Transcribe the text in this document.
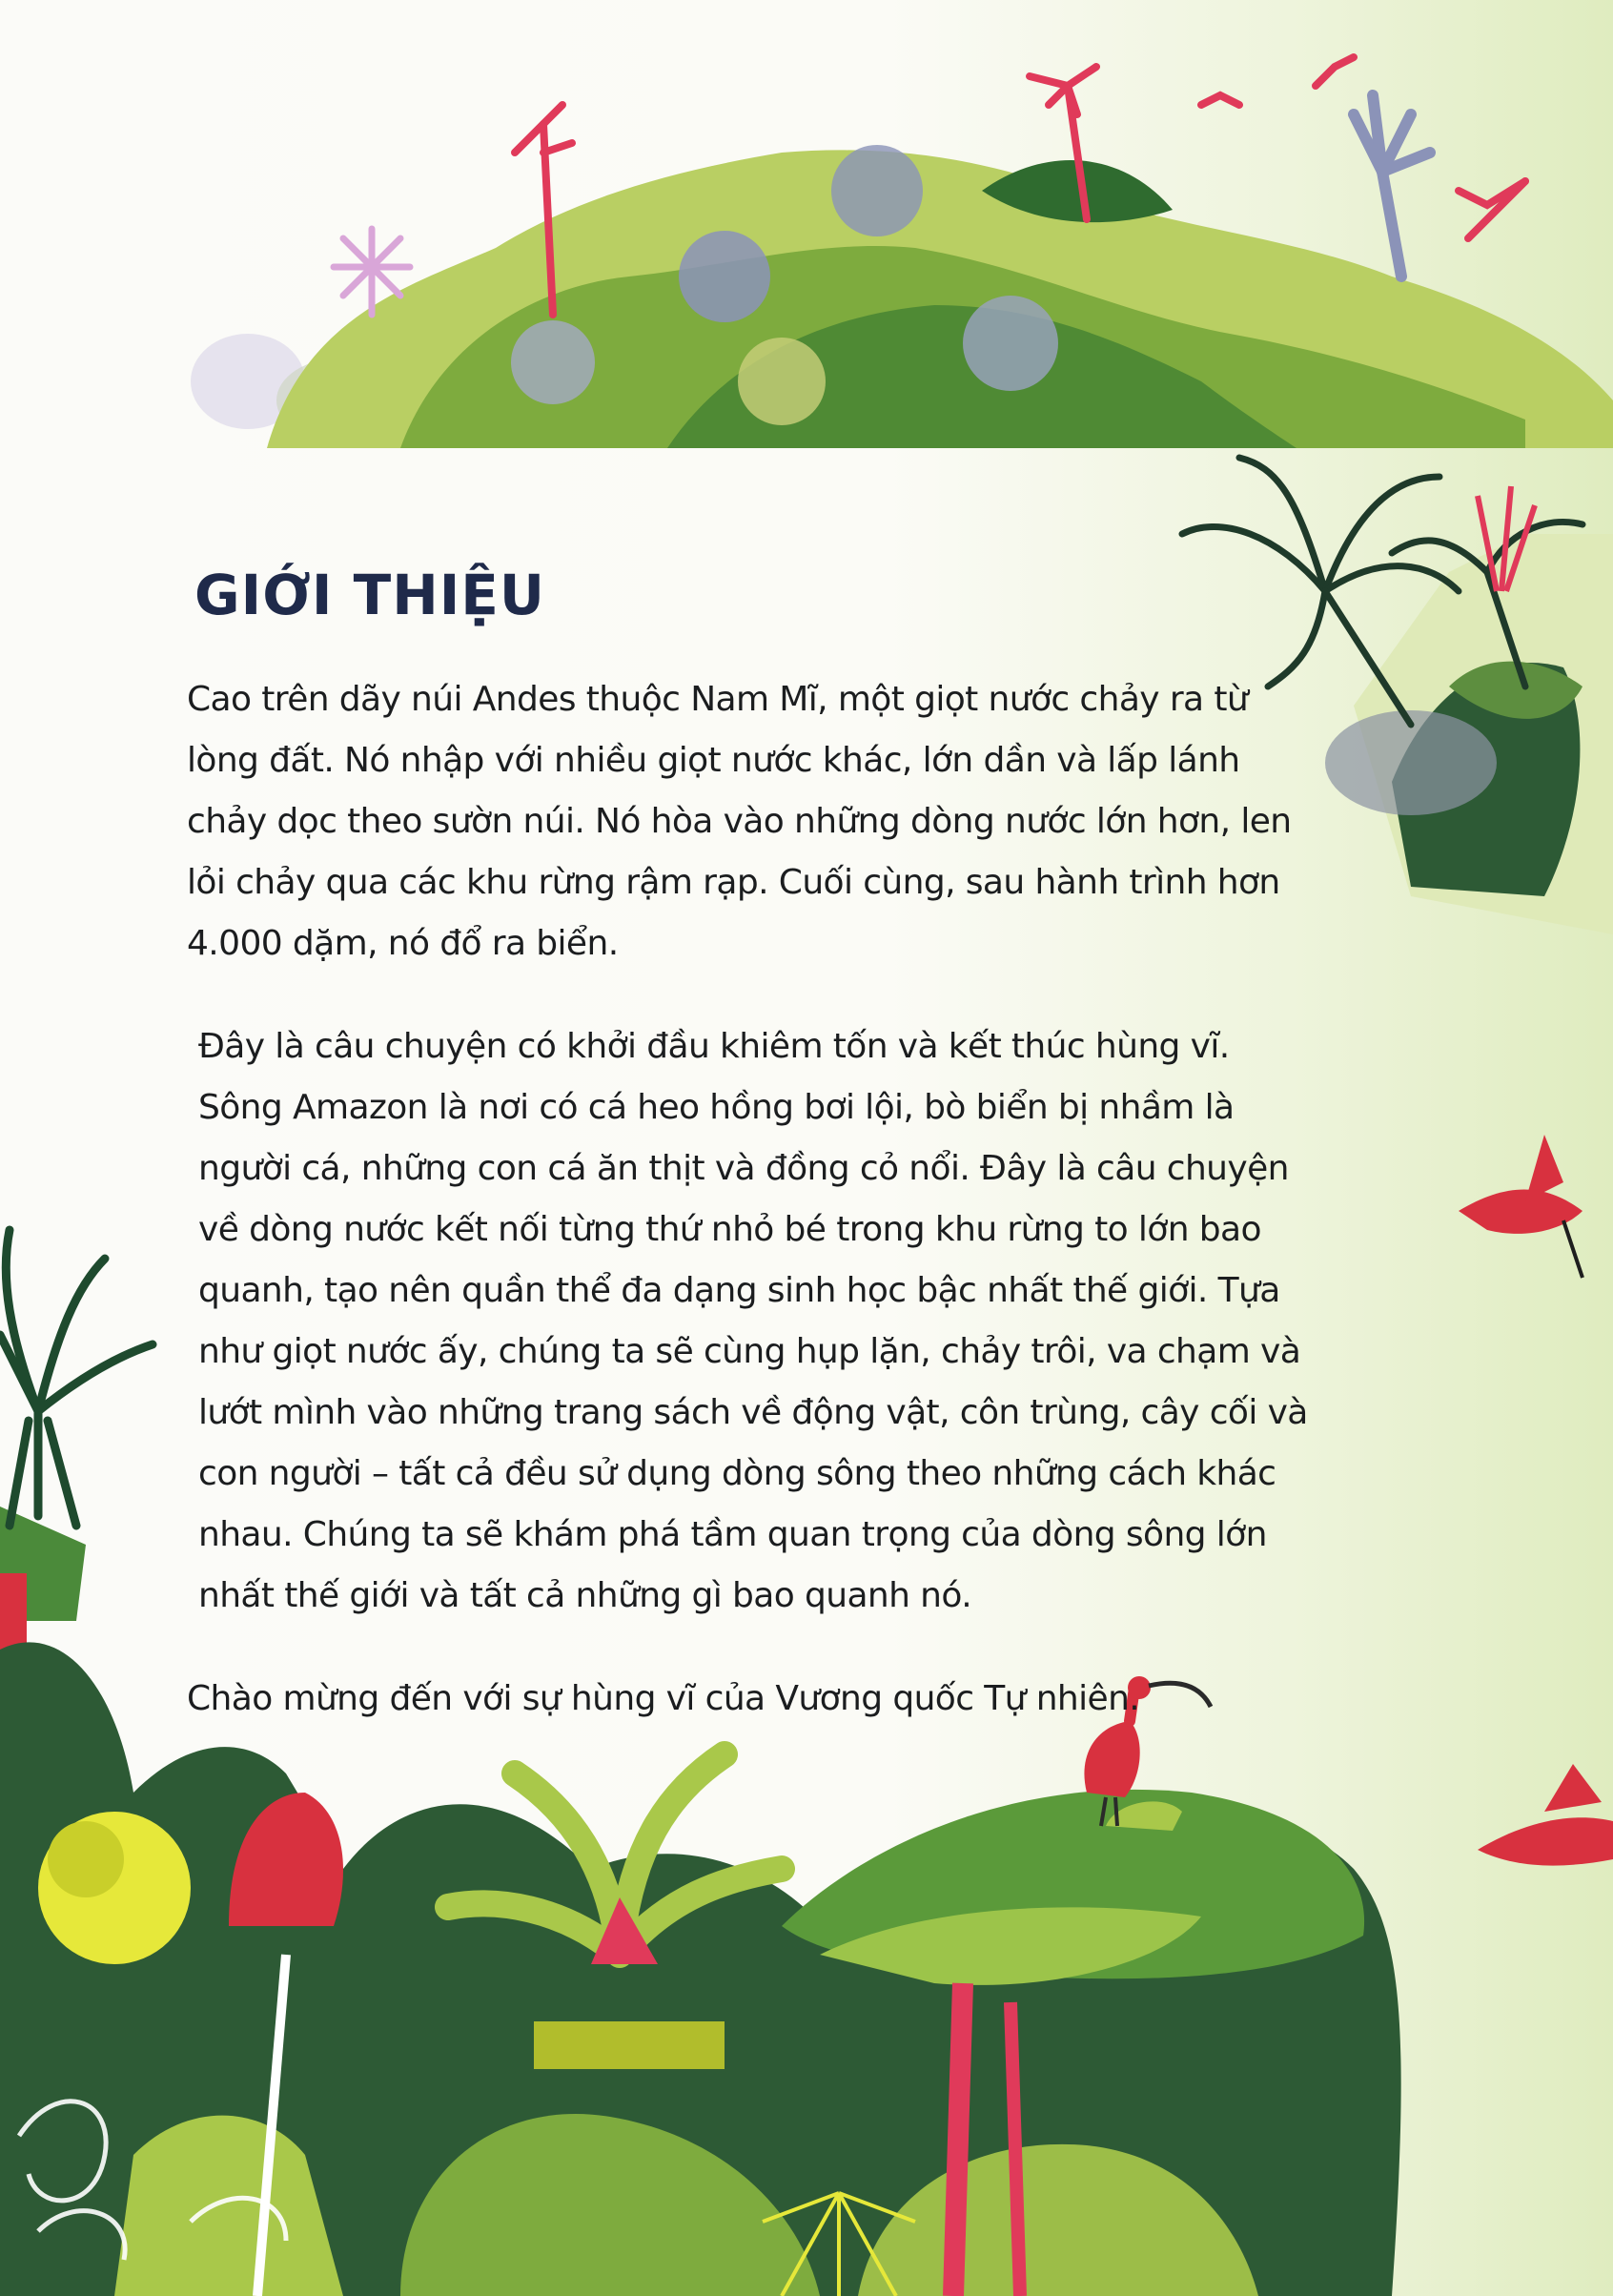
GIỚI THIỆU

Cao trên dãy núi Andes thuộc Nam Mĩ, một giọt nước chảy ra từ lòng đất. Nó nhập với nhiều giọt nước khác, lớn dần và lấp lánh chảy dọc theo sườn núi. Nó hòa vào những dòng nước lớn hơn, len lỏi chảy qua các khu rừng rậm rạp. Cuối cùng, sau hành trình hơn 4.000 dặm, nó đổ ra biển.

Đây là câu chuyện có khởi đầu khiêm tốn và kết thúc hùng vĩ. Sông Amazon là nơi có cá heo hồng bơi lội, bò biển bị nhầm là người cá, những con cá ăn thịt và đồng cỏ nổi. Đây là câu chuyện về dòng nước kết nối từng thứ nhỏ bé trong khu rừng to lớn bao quanh, tạo nên quần thể đa dạng sinh học bậc nhất thế giới. Tựa như giọt nước ấy, chúng ta sẽ cùng hụp lặn, chảy trôi, va chạm và lướt mình vào những trang sách về động vật, côn trùng, cây cối và con người – tất cả đều sử dụng dòng sông theo những cách khác nhau. Chúng ta sẽ khám phá tầm quan trọng của dòng sông lớn nhất thế giới và tất cả những gì bao quanh nó.

Chào mừng đến với sự hùng vĩ của Vương quốc Tự nhiên.
